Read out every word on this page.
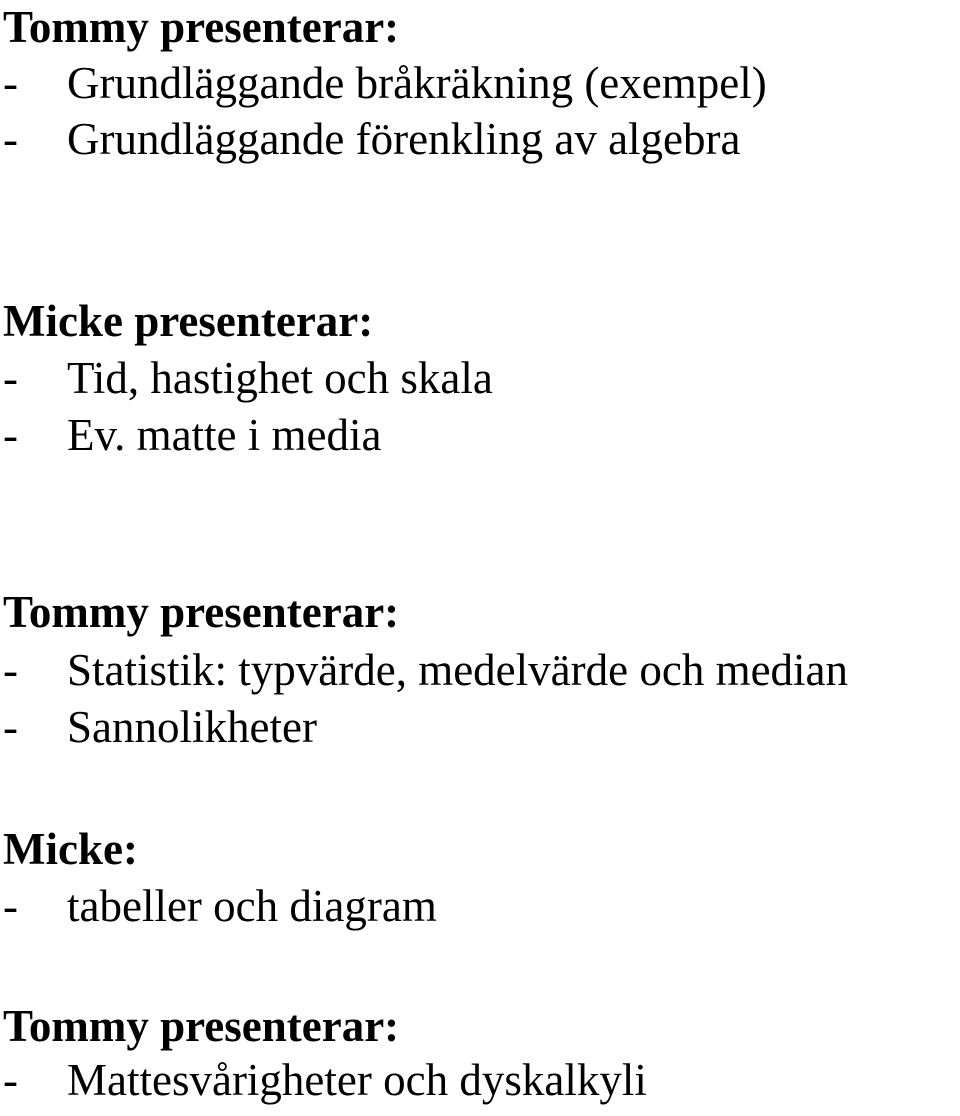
Tommy presenterar:

- Grundläggande bråkräkning (exempel)

- Grundläggande förenkling av algebra

Micke presenterar:

- Tid, hastighet och skala

- Ev. matte i media

Tommy presenterar:

- Statistik: typvärde, medelvärde och median

- Sannolikheter

Micke:

- tabeller och diagram

Tommy presenterar:

- Mattesvårigheter och dyskalkyli
